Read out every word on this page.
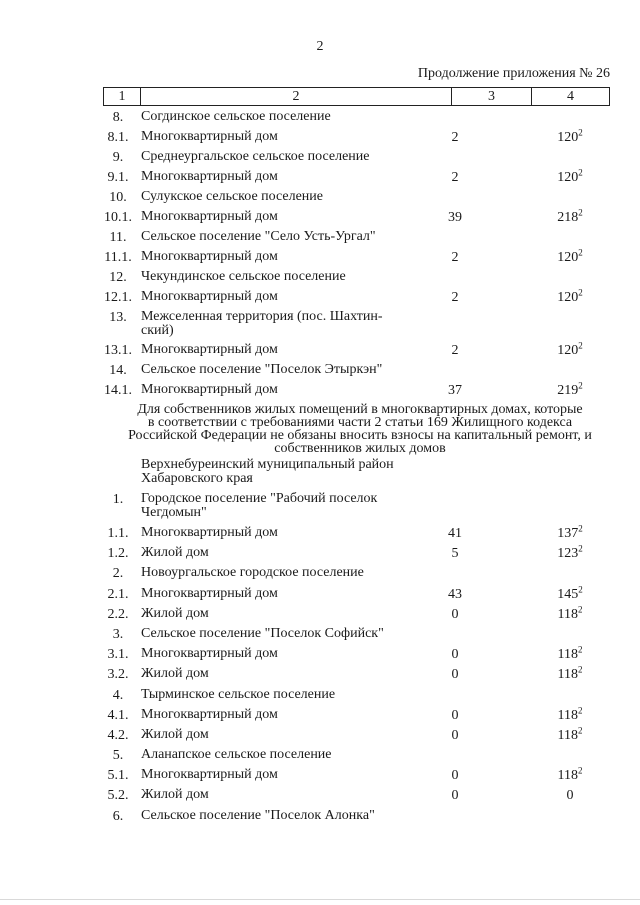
2
Продолжение приложения № 26
1	2	3	4
8.	Согдинское сельское поселение
8.1. Многоквартирный дом	2	$120^2$
9.	Среднеургальское сельское поселение
9.1. Многоквартирный дом	2	$120^2$
10.	Сулукское сельское поселение
10.1. Многоквартирный дом	39	$218^2$
11.	Сельское поселение "Село Усть-Ургал"
11.1. Многоквартирный дом	2	$120^2$
12.	Чекундинское сельское поселение
12.1. Многоквартирный дом	2	$120^2$
13.	Межселенная территория (пос. Шахтин-
ский)
13.1. Многоквартирный дом	2	$120^2$
14.	Сельское поселение "Поселок Этыркэн"
14.1. Многоквартирный дом	37	$219^2$
Для собственников жилых помещений в многоквартирных домах, которые
в соответствии с требованиями части 2 статьи 169 Жилищного кодекса
Российской Федерации не обязаны вносить взносы на капитальный ремонт, и
собственников жилых домов
Верхнебуреинский муниципальный район
Хабаровского края
1.	Городское поселение "Рабочий поселок
Чегдомын"
1.1. Многоквартирный дом	41	$137^2$
1.2. Жилой дом	5	$123^2$
2.	Новоургальское городское поселение
2.1. Многоквартирный дом	43	$145^2$
2.2. Жилой дом	0	$118^2$
3.	Сельское поселение "Поселок Софийск"
3.1. Многоквартирный дом	0	$118^2$
3.2. Жилой дом	0	$118^2$
4.	Тырминское сельское поселение
4.1. Многоквартирный дом	0	$118^2$
4.2. Жилой дом	0	$118^2$
5.	Аланапское сельское поселение
5.1. Многоквартирный дом	0	$118^2$
5.2. Жилой дом	0	0
6.	Сельское поселение "Поселок Алонка"
